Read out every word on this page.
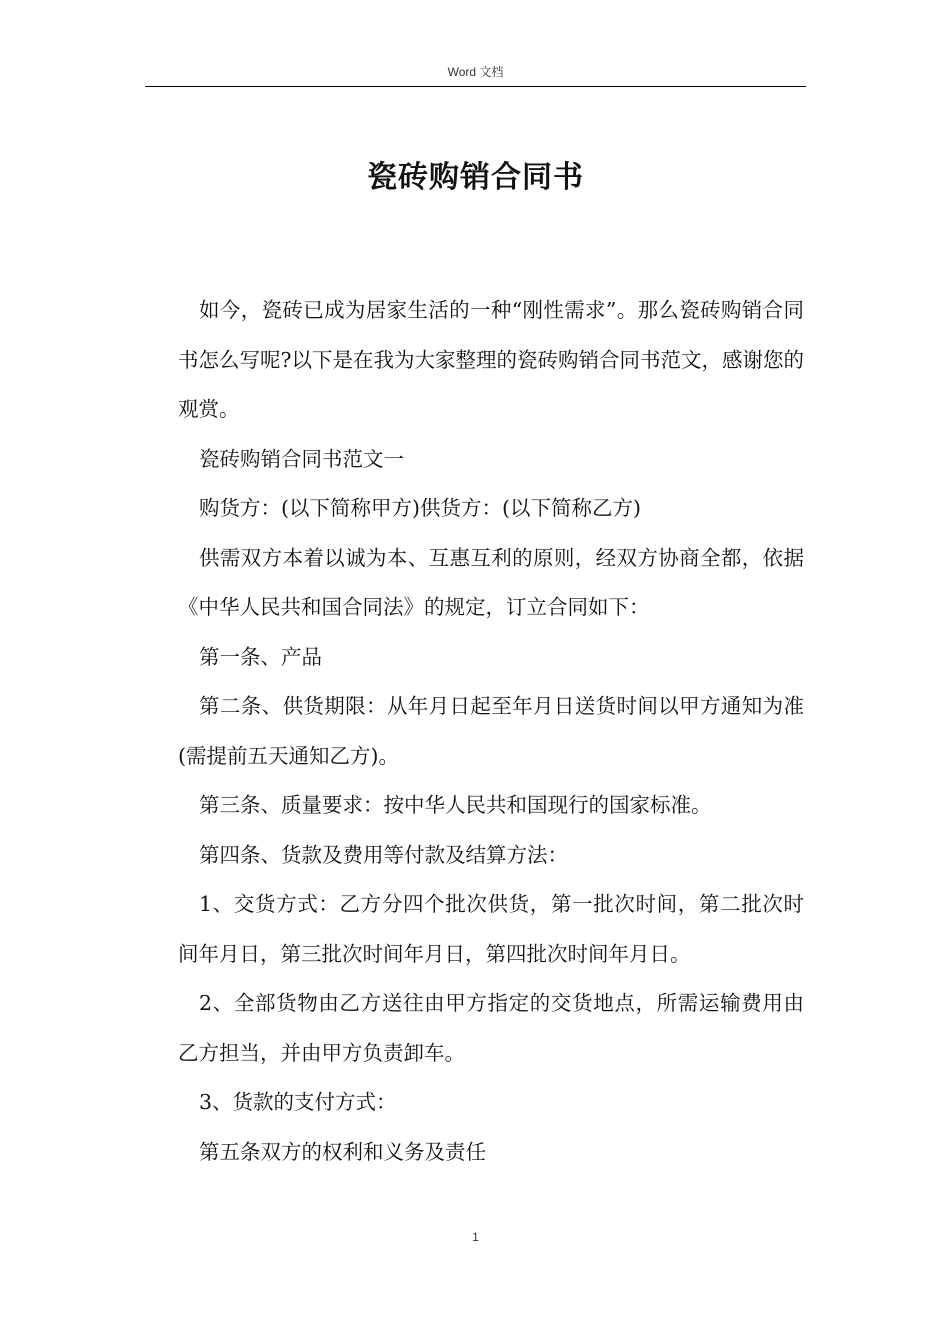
Word 文档
瓷砖购销合同书

如今，瓷砖已成为居家生活的一种“刚性需求”。那么瓷砖购销合同书怎么写呢?以下是在我为大家整理的瓷砖购销合同书范文，感谢您的观赏。

瓷砖购销合同书范文一

购货方：(以下简称甲方)供货方：(以下简称乙方)

供需双方本着以诚为本、互惠互利的原则，经双方协商全都，依据《中华人民共和国合同法》的规定，订立合同如下：

第一条、产品

第二条、供货期限：从年月日起至年月日送货时间以甲方通知为准(需提前五天通知乙方)。

第三条、质量要求：按中华人民共和国现行的国家标准。

第四条、货款及费用等付款及结算方法：

1、交货方式：乙方分四个批次供货，第一批次时间，第二批次时间年月日，第三批次时间年月日，第四批次时间年月日。

2、全部货物由乙方送往由甲方指定的交货地点，所需运输费用由乙方担当，并由甲方负责卸车。

3、货款的支付方式：

第五条双方的权利和义务及责任

1
